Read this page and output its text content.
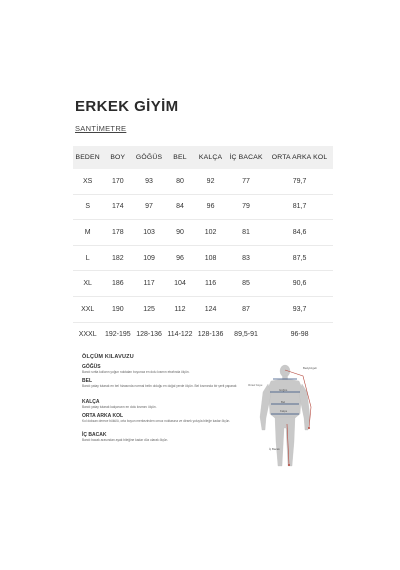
ERKEK GİYİM
SANTİMETRE
BEDEN	BOY	GÖĞÜS	BEL	KALÇA	İÇ BACAK	ORTA ARKA KOL
XS	170	93	80	92	77	79,7
S	174	97	84	96	79	81,7
M	178	103	90	102	81	84,6
L	182	109	96	108	83	87,5
XL	186	117	104	116	85	90,6
XXL	190	125	112	124	87	93,7
XXXL	192-195	128-136	114-122	128-136	89,5-91	96-98
ÖLÇÜM KILAVUZU
GÖĞÜS
Bandı sırtta kolların yoğun noktaları boyunca en dolu kısmın etrafında ölçün.
BEL
Bandı yatay tutarak en bel hizasında normal belin olduğu en doğal yerde ölçün. Bel kısmında bir şerit yaparak
KALÇA
Bandı yatay tutarak kalçanızın en dolu kısmını ölçün.
ORTA ARKA KOL
Kol doksan derece bükülü, orta boyun merkezinden omuz noktasına ve dirsek yoluyla bileğe kadar ölçün.
İÇ BACAK
Bandı bacak arasından ayak bileğine kadar düz olarak ölçün.
Bedyüzgeli
Omuz boyu
Göğüs
Bel
Kalça
İç Bacak
